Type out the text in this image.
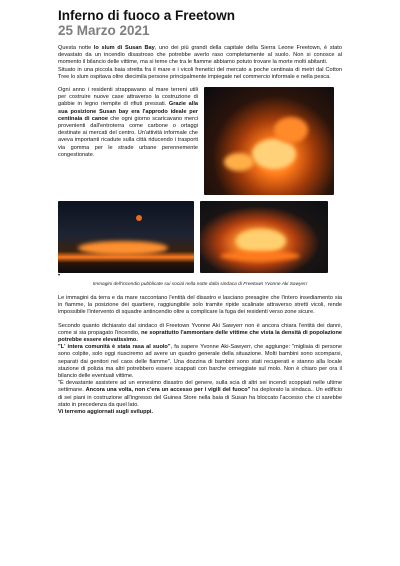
Inferno di fuoco a Freetown
25 Marzo 2021

Questa notte lo slum di Susan Bay, uno dei più grandi della capitale della Sierra Leone Freetown, è stato devastato da un incendio disastroso che potrebbe averlo raso completamente al suolo. Non si conosce al momento il bilancio delle vittime, ma si teme che tra le fiamme abbiamo potuto trovare la morte molti abitanti.

Situato in una piccola baia stretta fra il mare e i vicoli frenetici del mercato a poche centinaia di metri dal Cotton Tree lo slum ospitava oltre diecimila persone principalmente impiegate nel commercio informale e nella pesca.

Ogni anno i residenti strappavano al mare terreni utili per costruire nuove case attraverso la costruzione di gabbie in legno riempite di rifiuti pressati. Grazie alla sua posizione Susan bay era l'approdo ideale per centinaia di canoe che ogni giorno scaricavano merci provenienti dall'entroterra come carbone o ortaggi destinate ai mercati del centro. Un'attività informale che aveva importanti ricadute sulla città riducendo i trasporti via gomma per le strade urbane perennemente congestionate.

•
Immagini dell'incendio pubblicate sui social nella notte dalla sindaca di Freetown Yvonne Aki Sawyerr

Le immagini da terra e da mare raccontano l'entità del disastro e lasciano presagire che l'intero insediamento sia in fiamme, la posizione dei quartiere, raggiungibile solo tramite ripide scalinate attraverso stretti vicoli, rende impossibile l'intervento di squadre antincendio oltre a complicare la fuga dei residenti verso zone sicure.

Secondo quanto dichiarato dal sindaco di Freetown Yvonne Aki Sawyerr non è ancora chiara l'entità dei danni, come si sia propagato l'incendio, ne soprattutto l'ammontare delle vittime che vista la densità di popolazione potrebbe essere elevatissimo.

"L' intera comunità è stata rasa al suolo", fa sapere Yvonne Aki-Sawyerr, che aggiunge: "migliaia di persone sono colpite, solo oggi riusciremo ad avere un quadro generale della situazione. Molti bambini sono scomparsi, separati dai genitori nel caos delle fiamme". Una dozzina di bambini sono stati recuperati e stanno alla locale stazione di polizia ma altri potrebbero essere scappati con barche ormeggiate sul molo. Non è chiaro per ora il bilancio delle eventuali vittime.

"È devastante assistere ad un ennesimo disastro del genere, sulla scia di altri sei incendi scoppiati nelle ultime settimane. Ancora una volta, non c'era un accesso per i vigili del fuoco" ha deplorato la sindaca.. Un edificio di sei piani in costruzione all'ingresso del Guinea Store nella baia di Susan ha bloccato l'accesso che ci sarebbe stato in precedenza da quel lato.

Vi terremo aggiornati sugli sviluppi.
